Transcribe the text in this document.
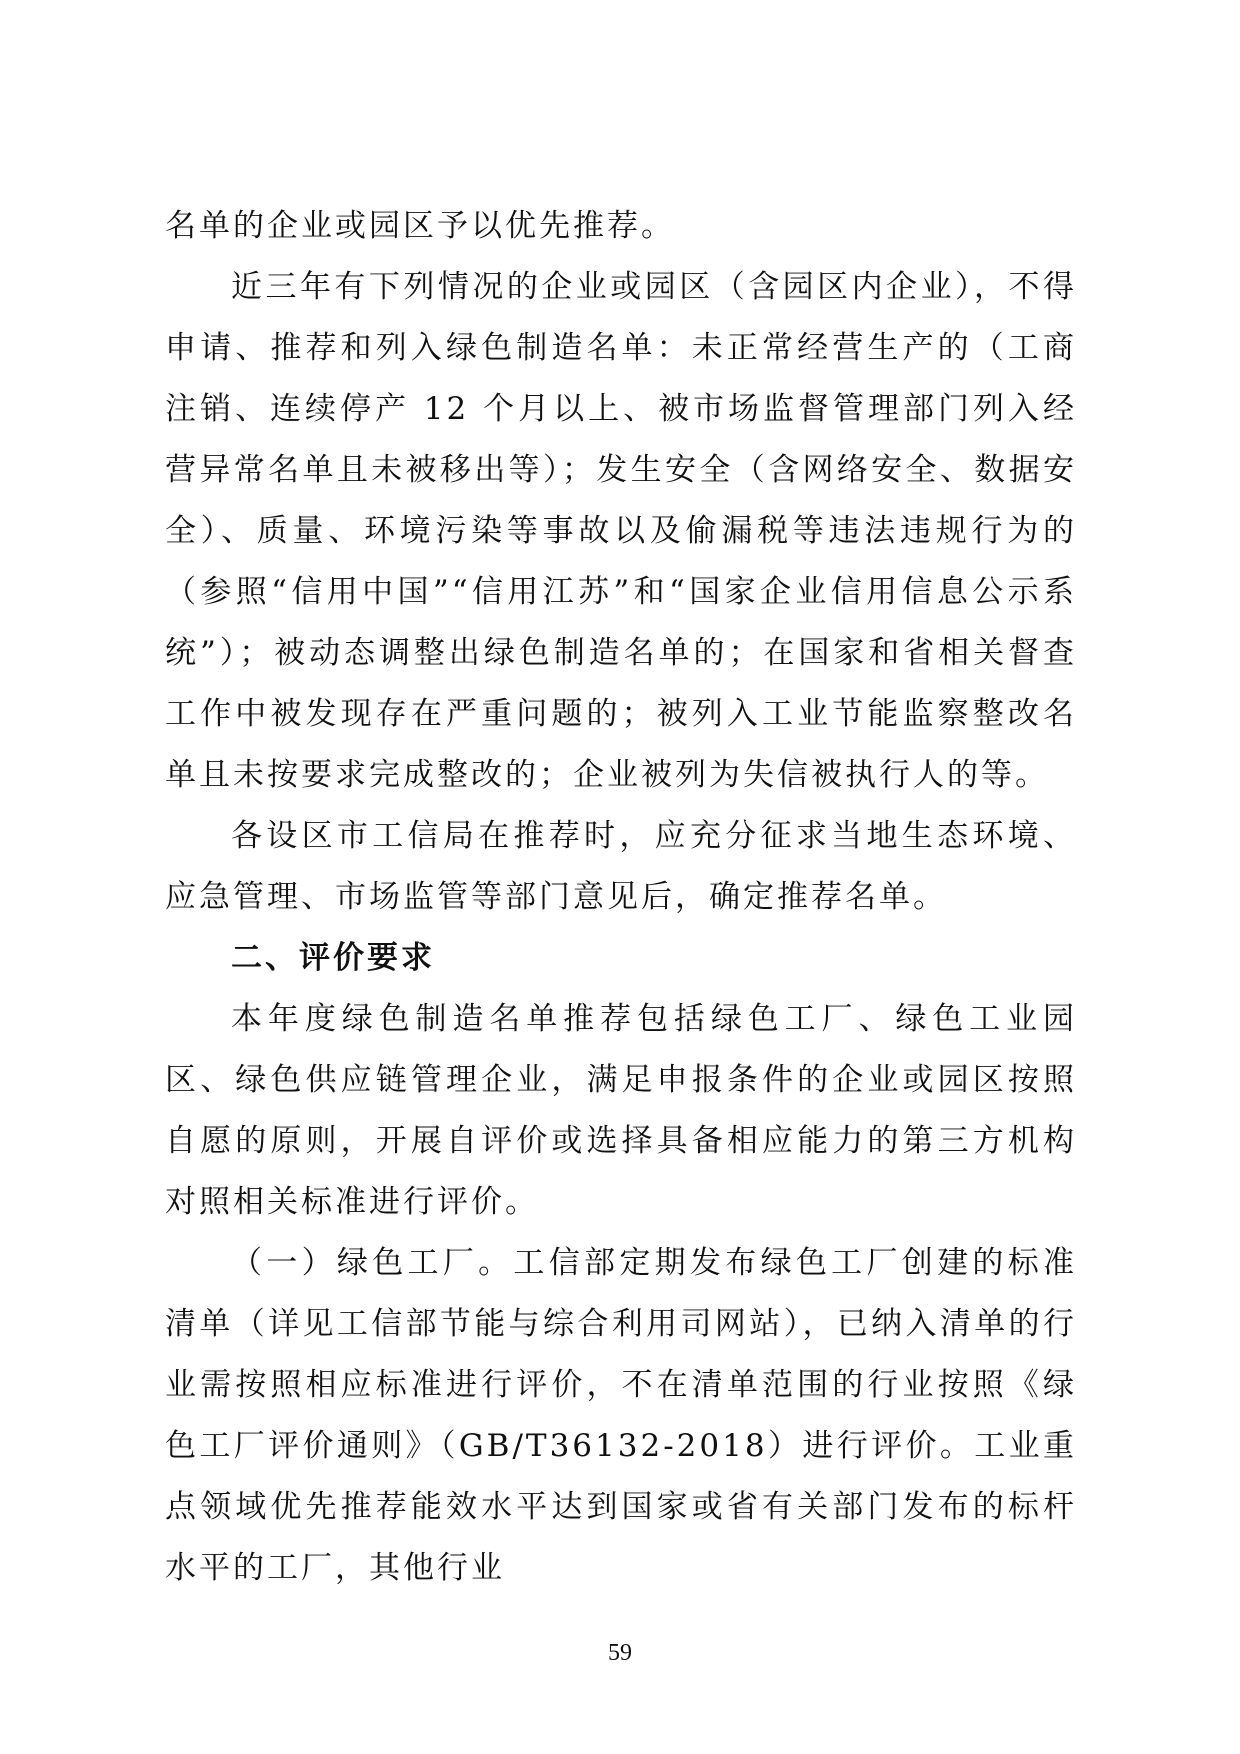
名单的企业或园区予以优先推荐。

近三年有下列情况的企业或园区（含园区内企业），不得申请、推荐和列入绿色制造名单：未正常经营生产的（工商注销、连续停产 12 个月以上、被市场监督管理部门列入经营异常名单且未被移出等）；发生安全（含网络安全、数据安全）、质量、环境污染等事故以及偷漏税等违法违规行为的（参照“信用中国”“信用江苏”和“国家企业信用信息公示系统”）；被动态调整出绿色制造名单的；在国家和省相关督查工作中被发现存在严重问题的；被列入工业节能监察整改名单且未按要求完成整改的；企业被列为失信被执行人的等。

各设区市工信局在推荐时，应充分征求当地生态环境、应急管理、市场监管等部门意见后，确定推荐名单。

二、评价要求

本年度绿色制造名单推荐包括绿色工厂、绿色工业园区、绿色供应链管理企业，满足申报条件的企业或园区按照自愿的原则，开展自评价或选择具备相应能力的第三方机构对照相关标准进行评价。

（一）绿色工厂。工信部定期发布绿色工厂创建的标准清单（详见工信部节能与综合利用司网站），已纳入清单的行业需按照相应标准进行评价，不在清单范围的行业按照《绿色工厂评价通则》（GB/T36132-2018）进行评价。工业重点领域优先推荐能效水平达到国家或省有关部门发布的标杆水平的工厂，其他行业

59
